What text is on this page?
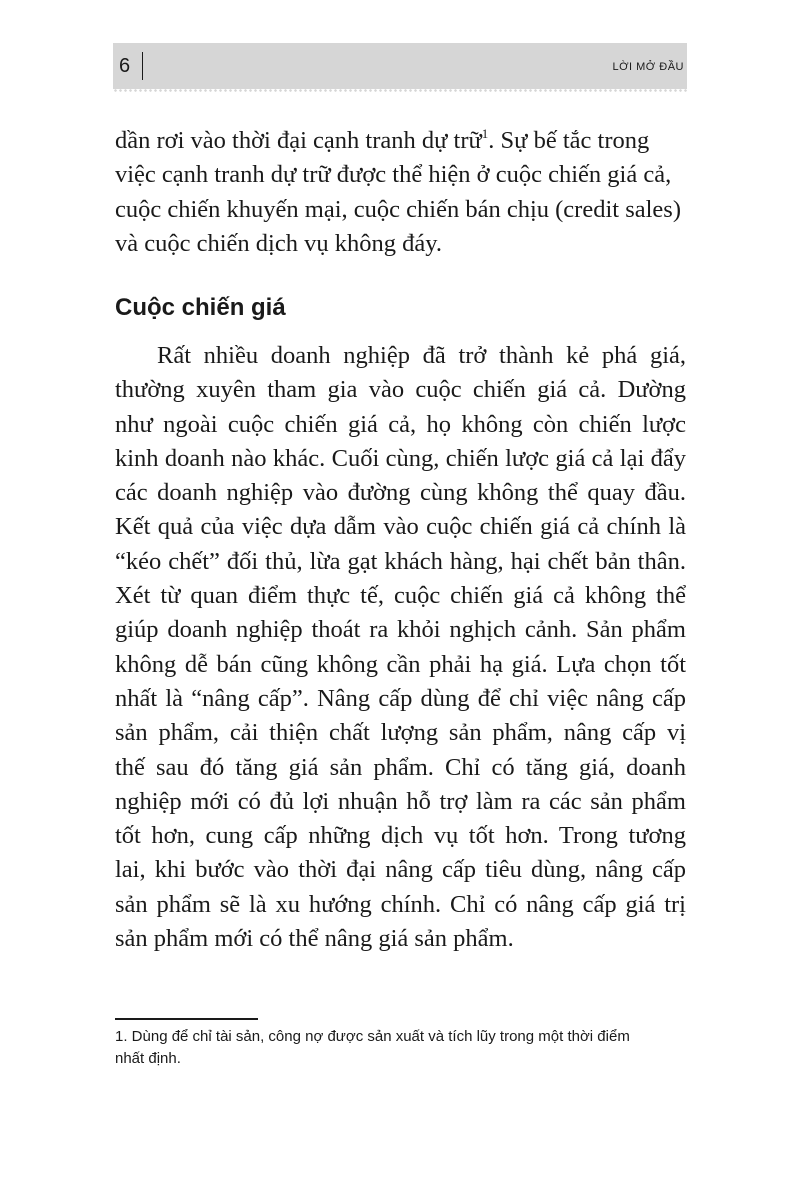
6	LỜI MỞ ĐẦU

dần rơi vào thời đại cạnh tranh dự trữ$^1$. Sự bế tắc trong
việc cạnh tranh dự trữ được thể hiện ở cuộc chiến giá cả,
cuộc chiến khuyến mại, cuộc chiến bán chịu (credit sales)
và cuộc chiến dịch vụ không đáy.

Cuộc chiến giá

Rất nhiều doanh nghiệp đã trở thành kẻ phá giá,
thường xuyên tham gia vào cuộc chiến giá cả. Dường
như ngoài cuộc chiến giá cả, họ không còn chiến lược
kinh doanh nào khác. Cuối cùng, chiến lược giá cả lại đẩy
các doanh nghiệp vào đường cùng không thể quay đầu.
Kết quả của việc dựa dẫm vào cuộc chiến giá cả chính là
“kéo chết” đối thủ, lừa gạt khách hàng, hại chết bản thân.
Xét từ quan điểm thực tế, cuộc chiến giá cả không thể
giúp doanh nghiệp thoát ra khỏi nghịch cảnh. Sản phẩm
không dễ bán cũng không cần phải hạ giá. Lựa chọn tốt
nhất là “nâng cấp”. Nâng cấp dùng để chỉ việc nâng cấp
sản phẩm, cải thiện chất lượng sản phẩm, nâng cấp vị
thế sau đó tăng giá sản phẩm. Chỉ có tăng giá, doanh
nghiệp mới có đủ lợi nhuận hỗ trợ làm ra các sản phẩm
tốt hơn, cung cấp những dịch vụ tốt hơn. Trong tương
lai, khi bước vào thời đại nâng cấp tiêu dùng, nâng cấp
sản phẩm sẽ là xu hướng chính. Chỉ có nâng cấp giá trị
sản phẩm mới có thể nâng giá sản phẩm.

1. Dùng để chỉ tài sản, công nợ được sản xuất và tích lũy trong một thời điểm
nhất định.
